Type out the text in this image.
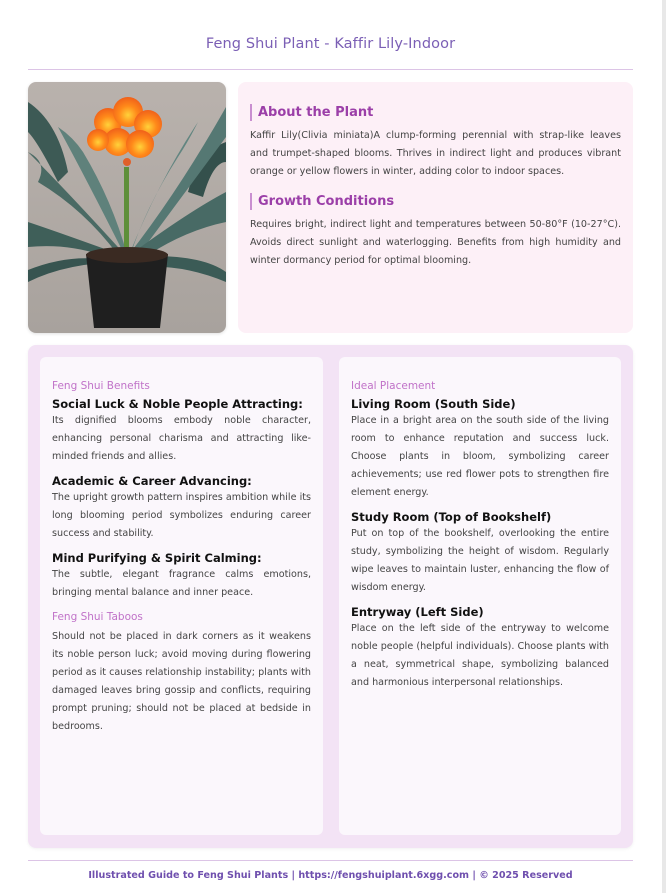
Feng Shui Plant - Kaffir Lily-Indoor
About the Plant

Kaffir Lily(Clivia miniata)A clump-forming perennial with strap-like leaves and trumpet-shaped blooms. Thrives in indirect light and produces vibrant orange or yellow flowers in winter, adding color to indoor spaces.

Growth Conditions

Requires bright, indirect light and temperatures between 50-80°F (10-27°C). Avoids direct sunlight and waterlogging. Benefits from high humidity and winter dormancy period for optimal blooming.

Feng Shui Benefits
Social Luck & Noble People Attracting:

Its dignified blooms embody noble character, enhancing personal charisma and attracting like-minded friends and allies.

Academic & Career Advancing:

The upright growth pattern inspires ambition while its long blooming period symbolizes enduring career success and stability.

Mind Purifying & Spirit Calming:

The subtle, elegant fragrance calms emotions, bringing mental balance and inner peace.

Feng Shui Taboos

Should not be placed in dark corners as it weakens its noble person luck; avoid moving during flowering period as it causes relationship instability; plants with damaged leaves bring gossip and conflicts, requiring prompt pruning; should not be placed at bedside in bedrooms.

Ideal Placement
Living Room (South Side)

Place in a bright area on the south side of the living room to enhance reputation and success luck. Choose plants in bloom, symbolizing career achievements; use red flower pots to strengthen fire element energy.

Study Room (Top of Bookshelf)

Put on top of the bookshelf, overlooking the entire study, symbolizing the height of wisdom. Regularly wipe leaves to maintain luster, enhancing the flow of wisdom energy.

Entryway (Left Side)

Place on the left side of the entryway to welcome noble people (helpful individuals). Choose plants with a neat, symmetrical shape, symbolizing balanced and harmonious interpersonal relationships.

Illustrated Guide to Feng Shui Plants | https://fengshuiplant.6xgg.com | © 2025 Reserved
